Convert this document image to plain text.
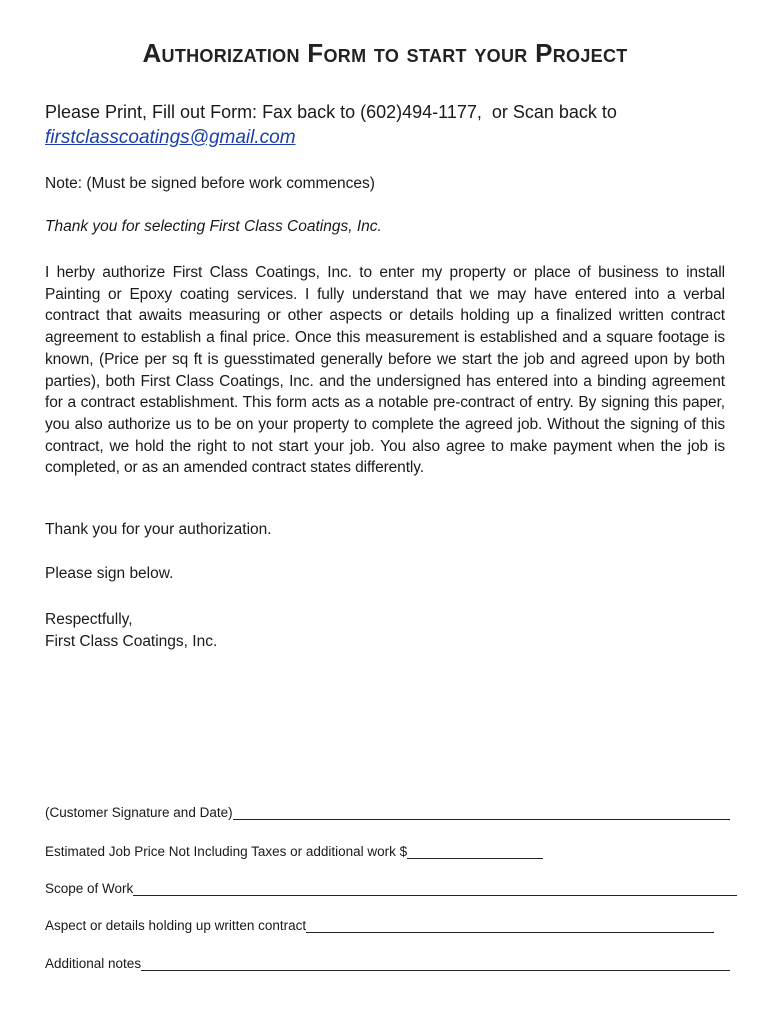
Authorization Form to start your Project
Please Print, Fill out Form: Fax back to (602)494-1177, or Scan back to
firstclasscoatings@gmail.com
Note: (Must be signed before work commences)
Thank you for selecting First Class Coatings, Inc.
I herby authorize First Class Coatings, Inc. to enter my property or place of business to install Painting or Epoxy coating services. I fully understand that we may have entered into a verbal contract that awaits measuring or other aspects or details holding up a finalized written contract agreement to establish a final price. Once this measurement is established and a square footage is known, (Price per sq ft is guesstimated generally before we start the job and agreed upon by both parties), both First Class Coatings, Inc. and the undersigned has entered into a binding agreement for a contract establishment. This form acts as a notable pre-contract of entry. By signing this paper, you also authorize us to be on your property to complete the agreed job. Without the signing of this contract, we hold the right to not start your job. You also agree to make payment when the job is completed, or as an amended contract states differently.
Thank you for your authorization.
Please sign below.
Respectfully,
First Class Coatings, Inc.
(Customer Signature and Date)
Estimated Job Price Not Including Taxes or additional work $
Scope of Work
Aspect or details holding up written contract
Additional notes
